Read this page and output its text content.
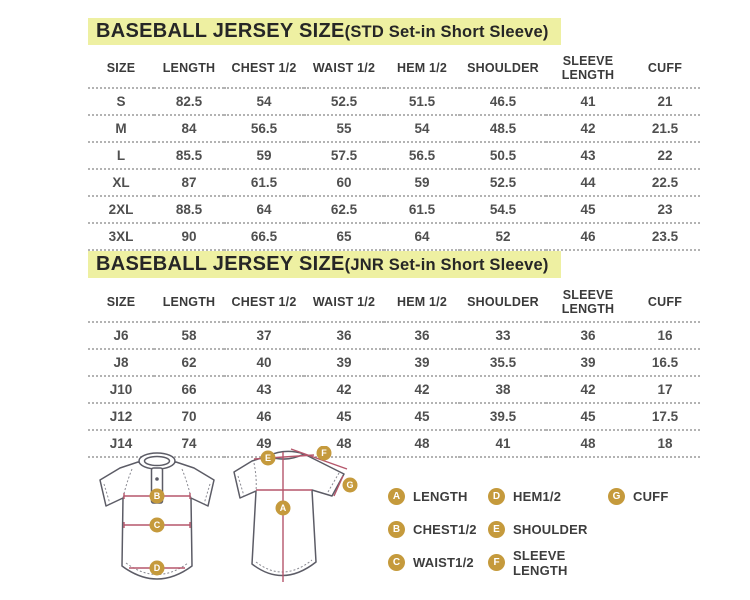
BASEBALL JERSEY SIZE(STD Set-in Short Sleeve)
SIZE	LENGTH	CHEST 1/2	WAIST 1/2	HEM 1/2	SHOULDER	SLEEVE LENGTH	CUFF
S	82.5	54	52.5	51.5	46.5	41	21
M	84	56.5	55	54	48.5	42	21.5
L	85.5	59	57.5	56.5	50.5	43	22
XL	87	61.5	60	59	52.5	44	22.5
2XL	88.5	64	62.5	61.5	54.5	45	23
3XL	90	66.5	65	64	52	46	23.5
BASEBALL JERSEY SIZE(JNR Set-in Short Sleeve)
SIZE	LENGTH	CHEST 1/2	WAIST 1/2	HEM 1/2	SHOULDER	SLEEVE LENGTH	CUFF
J6	58	37	36	36	33	36	16
J8	62	40	39	39	35.5	39	16.5
J10	66	43	42	42	38	42	17
J12	70	46	45	45	39.5	45	17.5
J14	74	49	48	48	41	48	18
B
C
D
E
A
F
G
A LENGTH
B CHEST1/2
C WAIST1/2
D HEM1/2
E	SHOULDER
F	SLEEVE LENGTH
G CUFF
